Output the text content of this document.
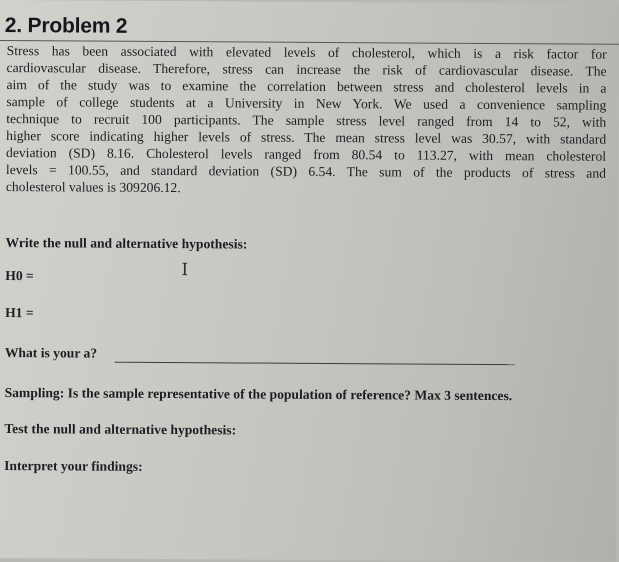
2. Problem 2
Stress has been associated with elevated levels of cholesterol, which is a risk factor for
cardiovascular disease. Therefore, stress can increase the risk of cardiovascular disease. The
aim of the study was to examine the correlation between stress and cholesterol levels in a
sample of college students at a University in New York. We used a convenience sampling
technique to recruit 100 participants. The sample stress level ranged from 14 to 52, with
higher score indicating higher levels of stress. The mean stress level was 30.57, with standard
deviation (SD) 8.16. Cholesterol levels ranged from 80.54 to 113.27, with mean cholesterol
levels = 100.55, and standard deviation (SD) 6.54. The sum of the products of stress and
cholesterol values is 309206.12.
Write the null and alternative hypothesis:
I
H0 =
H1 =
What is your a?
Sampling: Is the sample representative of the population of reference? Max 3 sentences.
Test the null and alternative hypothesis:
Interpret your findings:
